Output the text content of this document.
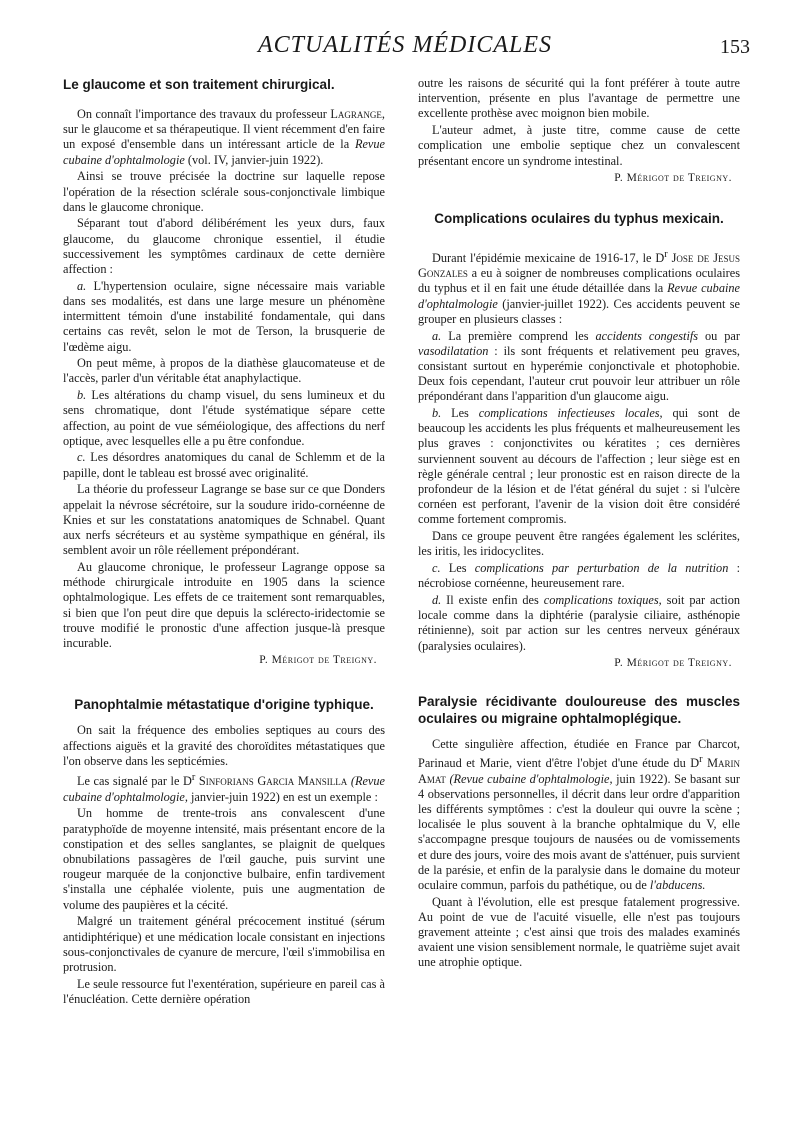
ACTUALITÉS MÉDICALES	153
Le glaucome et son traitement chirurgical.

On connaît l'importance des travaux du professeur Lagrange, sur le glaucome et sa thérapeutique. Il vient récemment d'en faire un exposé d'ensemble dans un intéressant article de la Revue cubaine d'ophtalmologie (vol. IV, janvier-juin 1922).

Ainsi se trouve précisée la doctrine sur laquelle repose l'opération de la résection sclérale sous-conjonctivale limbique dans le glaucome chronique.

Séparant tout d'abord délibérément les yeux durs, faux glaucome, du glaucome chronique essentiel, il étudie successivement les symptômes cardinaux de cette dernière affection :

a. L'hypertension oculaire, signe nécessaire mais variable dans ses modalités, est dans une large mesure un phénomène intermittent témoin d'une instabilité fondamentale, qui dans certains cas revêt, selon le mot de Terson, la brusquerie de l'œdème aigu.

On peut même, à propos de la diathèse glaucomateuse et de l'accès, parler d'un véritable état anaphylactique.

b. Les altérations du champ visuel, du sens lumineux et du sens chromatique, dont l'étude systématique sépare cette affection, au point de vue séméiologique, des affections du nerf optique, avec lesquelles elle a pu être confondue.

c. Les désordres anatomiques du canal de Schlemm et de la papille, dont le tableau est brossé avec originalité.

La théorie du professeur Lagrange se base sur ce que Donders appelait la névrose sécrétoire, sur la soudure irido-cornéenne de Knies et sur les constatations anatomiques de Schnabel. Quant aux nerfs sécréteurs et au système sympathique en général, ils semblent avoir un rôle réellement prépondérant.

Au glaucome chronique, le professeur Lagrange oppose sa méthode chirurgicale introduite en 1905 dans la science ophtalmologique. Les effets de ce traitement sont remarquables, si bien que l'on peut dire que depuis la scléreсto-iridectomie se trouve modifié le pronostic d'une affection jusque-là presque incurable.

P. Mérigot de Treigny.
Panophtalmie métastatique d'origine typhique.

On sait la fréquence des embolies septiques au cours des affections aiguës et la gravité des choroïdites métastatiques que l'on observe dans les septicémies.

Le cas signalé par le $D^r$ Sinforians Garcia Mansilla (Revue cubaine d'ophtalmologie, janvier-juin 1922) en est un exemple :

Un homme de trente-trois ans convalescent d'une paratyphoïde de moyenne intensité, mais présentant encore de la constipation et des selles sanglantes, se plaignit de quelques obnubilations passagères de l'œil gauche, puis survint une rougeur marquée de la conjonctive bulbaire, enfin tardivement s'installa une céphalée violente, puis une augmentation de volume des paupières et la cécité.

Malgré un traitement général précocement institué (sérum antidiphtérique) et une médication locale consistant en injections sous-conjonctivales de cyanure de mercure, l'œil s'immobilisa en protrusion.

Le seule ressource fut l'exentération, supérieure en pareil cas à l'énucléation. Cette dernière opération

outre les raisons de sécurité qui la font préférer à toute autre intervention, présente en plus l'avantage de permettre une excellente prothèse avec moignon bien mobile.

L'auteur admet, à juste titre, comme cause de cette complication une embolie septique chez un convalescent présentant encore un syndrome intestinal.

P. Mérigot de Treigny.
Complications oculaires du typhus mexicain.

Durant l'épidémie mexicaine de 1916-17, le $D^r$ Jose de Jesus Gonzales a eu à soigner de nombreuses complications oculaires du typhus et il en fait une étude détaillée dans la Revue cubaine d'ophtalmologie (janvier-juillet 1922). Ces accidents peuvent se grouper en plusieurs classes :

a. La première comprend les accidents congestifs ou par vasodilatation : ils sont fréquents et relativement peu graves, consistant surtout en hyperémie conjonctivale et photophobie. Deux fois cependant, l'auteur crut pouvoir leur attribuer un rôle prépondérant dans l'apparition d'un glaucome aigu.

b. Les complications infectieuses locales, qui sont de beaucoup les accidents les plus fréquents et malheureusement les plus graves : conjonctivites ou kératites ; ces dernières surviennent souvent au décours de l'affection ; leur siège est en règle générale central ; leur pronostic est en raison directe de la profondeur de la lésion et de l'état général du sujet : si l'ulcère cornéen est perforant, l'avenir de la vision doit être considéré comme fortement compromis.

Dans ce groupe peuvent être rangées également les sclérites, les iritis, les iridocyclites.

c. Les complications par perturbation de la nutrition : nécrobiose cornéenne, heureusement rare.

d. Il existe enfin des complications toxiques, soit par action locale comme dans la diphtérie (paralysie ciliaire, asthénopie rétinienne), soit par action sur les centres nerveux généraux (paralysies oculaires).

P. Mérigot de Treigny.
Paralysie récidivante douloureuse des muscles oculaires ou migraine ophtalmoplégique.

Cette singulière affection, étudiée en France par Charcot, Parinaud et Marie, vient d'être l'objet d'une étude du $D^r$ Marin Amat (Revue cubaine d'ophtalmologie, juin 1922). Se basant sur 4 observations personnelles, il décrit dans leur ordre d'apparition les différents symptômes : c'est la douleur qui ouvre la scène ; localisée le plus souvent à la branche ophtalmique du V, elle s'accompagne presque toujours de nausées ou de vomissements et dure des jours, voire des mois avant de s'atténuer, puis survient de la parésie, et enfin de la paralysie dans le domaine du moteur oculaire commun, parfois du pathétique, ou de l'abducens.

Quant à l'évolution, elle est presque fatalement progressive. Au point de vue de l'acuité visuelle, elle n'est pas toujours gravement atteinte ; c'est ainsi que trois des malades examinés avaient une vision sensiblement normale, le quatrième sujet avait une atrophie optique.
